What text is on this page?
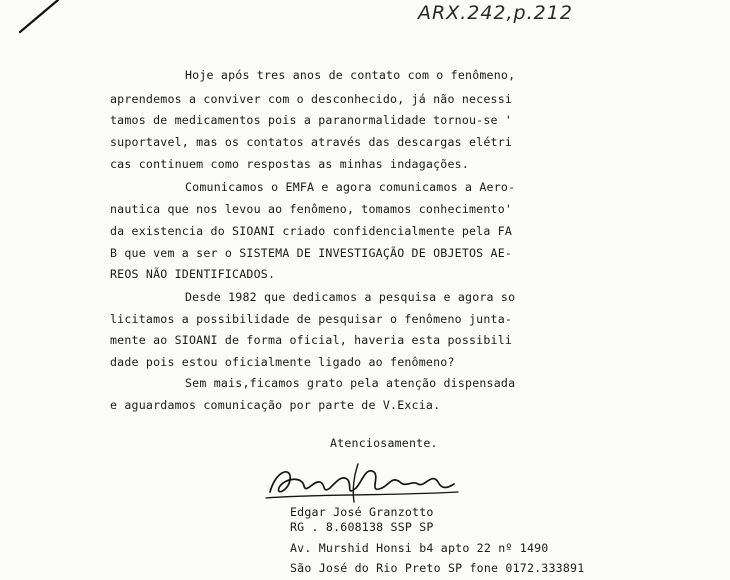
ARX.242,p.212
Hoje após tres anos de contato com o fenômeno,
aprendemos a conviver com o desconhecido, já não necessi
tamos de medicamentos pois a paranormalidade tornou-se '
suportavel, mas os contatos através das descargas elétri
cas continuem como respostas as minhas indagações.
Comunicamos o EMFA e agora comunicamos a Aero-
nautica que nos levou ao fenômeno, tomamos conhecimento'
da existencia do SIOANI criado confidencialmente pela FA
B que vem a ser o SISTEMA DE INVESTIGAÇÃO DE OBJETOS AE-
REOS NÃO IDENTIFICADOS.
Desde 1982 que dedicamos a pesquisa e agora so
licitamos a possibilidade de pesquisar o fenômeno junta-
mente ao SIOANI de forma oficial, haveria esta possibili
dade pois estou oficialmente ligado ao fenômeno?
Sem mais,ficamos grato pela atenção dispensada
e aguardamos comunicação por parte de V.Excia.
Atenciosamente.
Edgar José Granzotto
RG . 8.608138 SSP SP
Av. Murshid Honsi b4 apto 22 nº 1490
São José do Rio Preto SP fone 0172.333891
